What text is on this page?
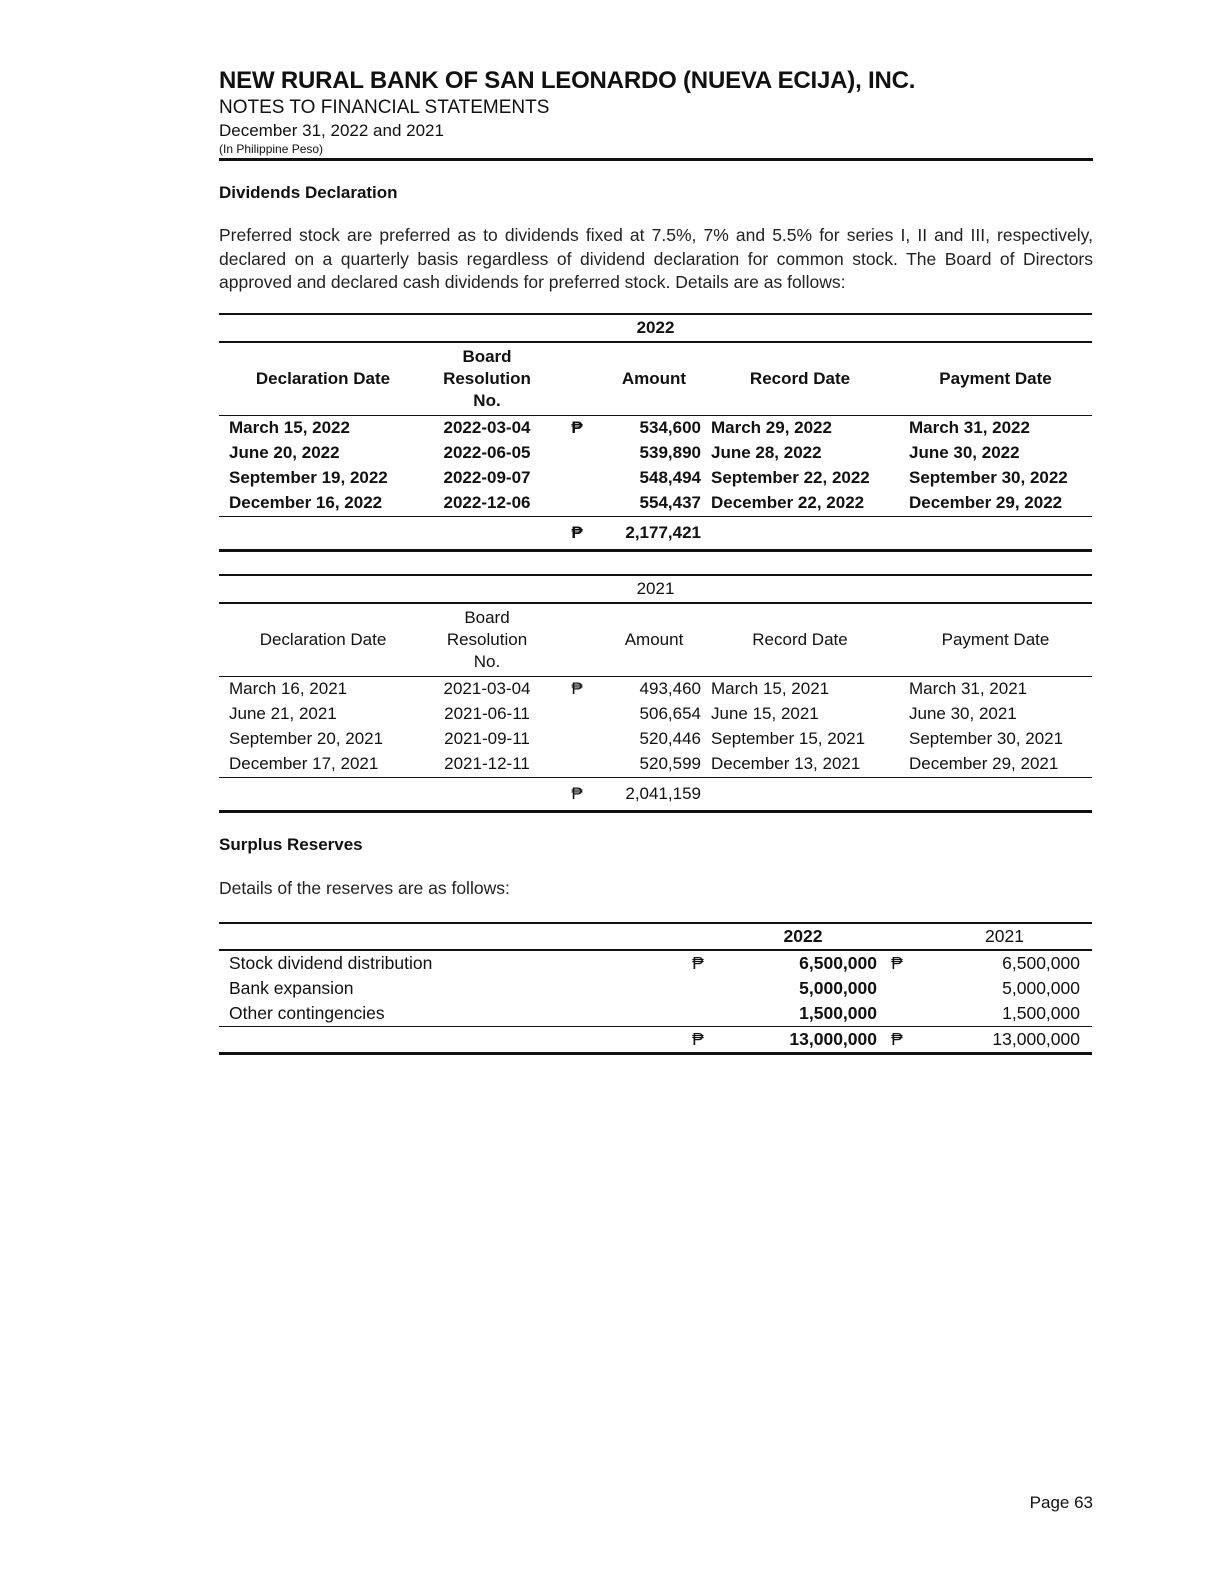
NEW RURAL BANK OF SAN LEONARDO (NUEVA ECIJA), INC.

NOTES TO FINANCIAL STATEMENTS

December 31, 2022 and 2021

(In Philippine Peso)

Dividends Declaration

Preferred stock are preferred as to dividends fixed at 7.5%, 7% and 5.5% for series I, II and III, respectively, declared on a quarterly basis regardless of dividend declaration for common stock. The Board of Directors approved and declared cash dividends for preferred stock. Details are as follows:

2022					
Declaration Date	Board
Resolution
No.		Amount	Record Date	Payment Date
March 15, 2022	2022-03-04	₱	534,600	March 29, 2022	March 31, 2022
June 20, 2022	2022-06-05		539,890	June 28, 2022	June 30, 2022
September 19, 2022	2022-09-07		548,494	September 22, 2022	September 30, 2022
December 16, 2022	2022-12-06		554,437	December 22, 2022	December 29, 2022
		₱	2,177,421		
2021					
Declaration Date	Board
Resolution
No.		Amount	Record Date	Payment Date
March 16, 2021	2021-03-04	₱	493,460	March 15, 2021	March 31, 2021
June 21, 2021	2021-06-11		506,654	June 15, 2021	June 30, 2021
September 20, 2021	2021-09-11		520,446	September 15, 2021	September 30, 2021
December 17, 2021	2021-12-11		520,599	December 13, 2021	December 29, 2021
		₱	2,041,159		
Surplus Reserves

Details of the reserves are as follows:

		2022		2021
Stock dividend distribution	₱	6,500,000	₱	6,500,000
Bank expansion		5,000,000		5,000,000
Other contingencies		1,500,000		1,500,000
	₱	13,000,000	₱	13,000,000
Page 63
